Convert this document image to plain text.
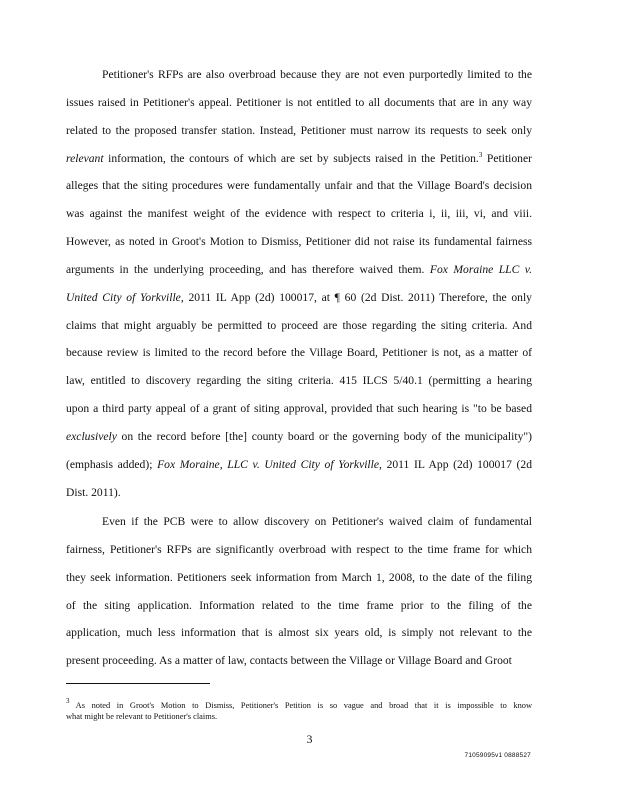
Petitioner's RFPs are also overbroad because they are not even purportedly limited to the
issues raised in Petitioner's appeal. Petitioner is not entitled to all documents that are in any way
related to the proposed transfer station. Instead, Petitioner must narrow its requests to seek only
relevant information, the contours of which are set by subjects raised in the Petition.$^3$ Petitioner
alleges that the siting procedures were fundamentally unfair and that the Village Board's decision
was against the manifest weight of the evidence with respect to criteria i, ii, iii, vi, and viii.
However, as noted in Groot's Motion to Dismiss, Petitioner did not raise its fundamental fairness
arguments in the underlying proceeding, and has therefore waived them. Fox Moraine LLC v.
United City of Yorkville, 2011 IL App (2d) 100017, at ¶ 60 (2d Dist. 2011) Therefore, the only
claims that might arguably be permitted to proceed are those regarding the siting criteria. And
because review is limited to the record before the Village Board, Petitioner is not, as a matter of
law, entitled to discovery regarding the siting criteria. 415 ILCS 5/40.1 (permitting a hearing
upon a third party appeal of a grant of siting approval, provided that such hearing is "to be based
exclusively on the record before [the] county board or the governing body of the municipality")
(emphasis added); Fox Moraine, LLC v. United City of Yorkville, 2011 IL App (2d) 100017 (2d
Dist. 2011).
Even if the PCB were to allow discovery on Petitioner's waived claim of fundamental
fairness, Petitioner's RFPs are significantly overbroad with respect to the time frame for which
they seek information. Petitioners seek information from March 1, 2008, to the date of the filing
of the siting application. Information related to the time frame prior to the filing of the
application, much less information that is almost six years old, is simply not relevant to the
present proceeding. As a matter of law, contacts between the Village or Village Board and Groot
$^3$ As noted in Groot's Motion to Dismiss, Petitioner's Petition is so vague and broad that it is impossible to know
what might be relevant to Petitioner's claims.
3
71059095v1 0888527
